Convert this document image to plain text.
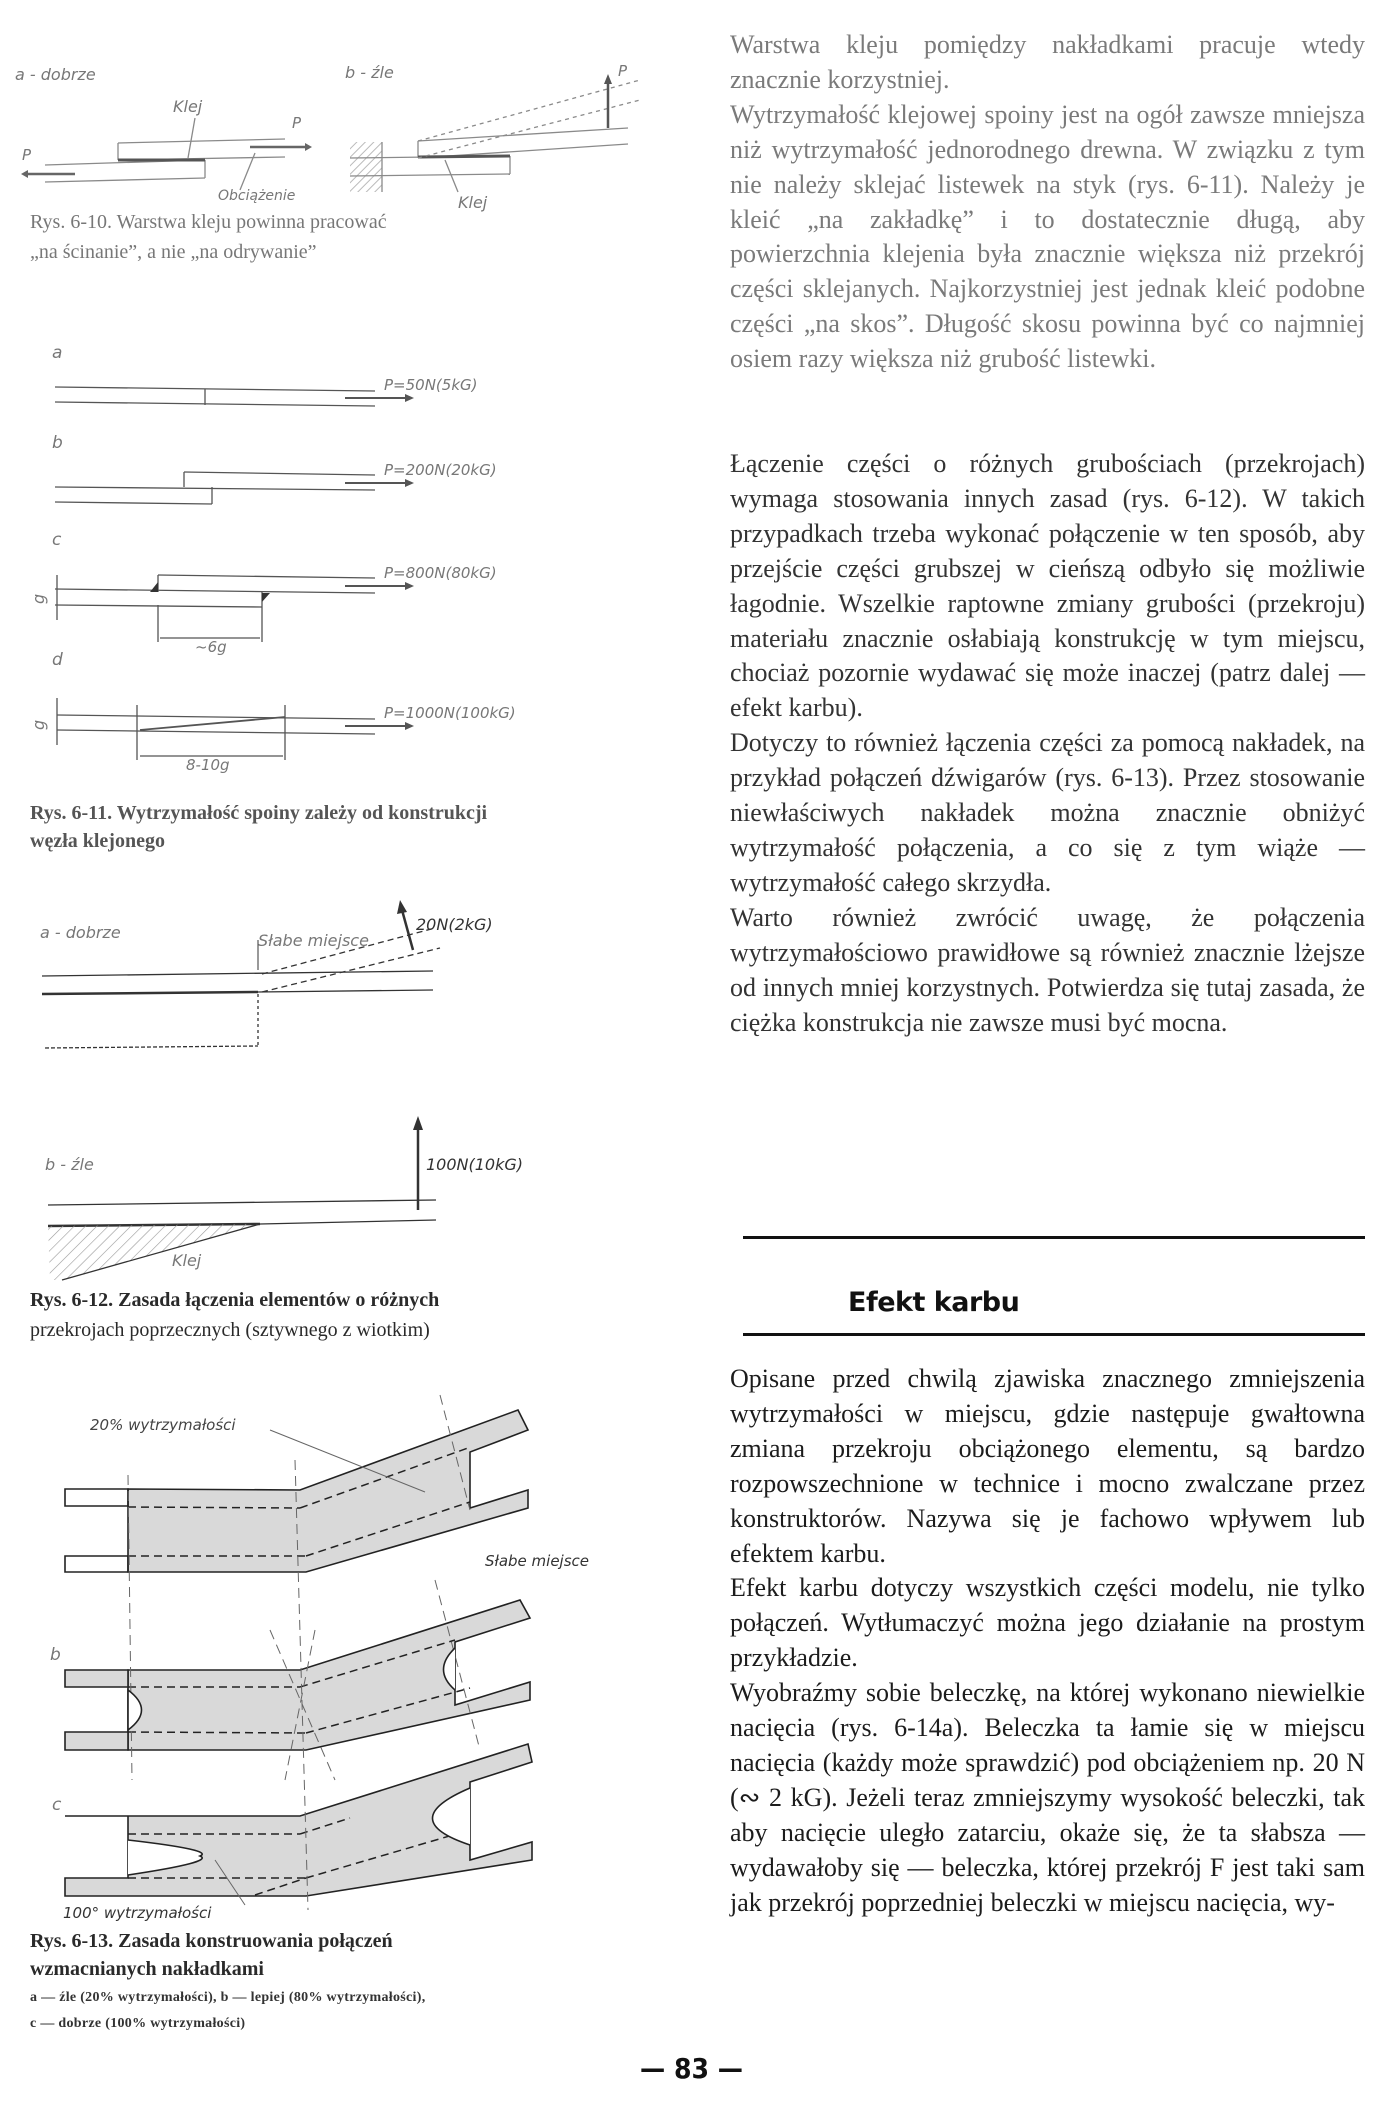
a - dobrze	b - źle
Klej
Klej
Obciążenie
P
P
P
Rys. 6-10. Warstwa kleju powinna pracować
„na ścinanie”, a nie „na odrywanie”
a
b
c
d
P=50N(5kG)
P=200N(20kG)
P=800N(80kG)
P=1000N(100kG)
g
g
~6g
8-10g
Rys. 6-11. Wytrzymałość spoiny zależy od konstrukcji
węzła klejonego
a - dobrze	Słabe miejsce
20N(2kG)
b - źle	100N(10kG)
Klej
Rys. 6-12. Zasada łączenia elementów o różnych
przekrojach poprzecznych (sztywnego z wiotkim)
20% wytrzymałości
Słabe miejsce
b
c
100° wytrzymałości
Rys. 6-13. Zasada konstruowania połączeń
wzmacnianych nakładkami
a — źle (20% wytrzymałości), b — lepiej (80% wytrzymałości),
c — dobrze (100% wytrzymałości)

Warstwa kleju pomiędzy nakładkami pracuje wtedy znacznie korzystniej.

Wytrzymałość klejowej spoiny jest na ogół zawsze mniejsza niż wytrzymałość jednorodnego drewna. W związku z tym nie należy sklejać listewek na styk (rys. 6-11). Należy je kleić „na zakładkę” i to dostatecznie długą, aby powierzchnia klejenia była znacznie większa niż przekrój części sklejanych. Najkorzystniej jest jednak kleić podobne części „na skos”. Długość skosu powinna być co najmniej osiem razy większa niż grubość listewki.

Łączenie części o różnych grubościach (przekrojach) wymaga stosowania innych zasad (rys. 6-12). W takich przypadkach trzeba wykonać połączenie w ten sposób, aby przejście części grubszej w cieńszą odbyło się możliwie łagodnie. Wszelkie raptowne zmiany grubości (przekroju) materiału znacznie osłabiają konstrukcję w tym miejscu, chociaż pozornie wydawać się może inaczej (patrz dalej — efekt karbu).

Dotyczy to również łączenia części za pomocą nakładek, na przykład połączeń dźwigarów (rys. 6-13). Przez stosowanie niewłaściwych nakładek można znacznie obniżyć wytrzymałość połączenia, a co się z tym wiąże — wytrzymałość całego skrzydła.

Warto również zwrócić uwagę, że połączenia wytrzymałościowo prawidłowe są również znacznie lżejsze od innych mniej korzystnych. Potwierdza się tutaj zasada, że ciężka konstrukcja nie zawsze musi być mocna.

Efekt karbu

Opisane przed chwilą zjawiska znacznego zmniejszenia wytrzymałości w miejscu, gdzie następuje gwałtowna zmiana przekroju obciążonego elementu, są bardzo rozpowszechnione w technice i mocno zwalczane przez konstruktorów. Nazywa się je fachowo wpływem lub efektem karbu.

Efekt karbu dotyczy wszystkich części modelu, nie tylko połączeń. Wytłumaczyć można jego działanie na prostym przykładzie.

Wyobraźmy sobie beleczkę, na której wykonano niewielkie nacięcia (rys. 6-14a). Beleczka ta łamie się w miejscu nacięcia (każdy może sprawdzić) pod obciążeniem np. 20 N (∾ 2 kG). Jeżeli teraz zmniejszymy wysokość beleczki, tak aby nacięcie uległo zatarciu, okaże się, że ta słabsza — wydawałoby się — beleczka, której przekrój F jest taki sam jak przekrój poprzedniej beleczki w miejscu nacięcia, wy-

— 83 —
